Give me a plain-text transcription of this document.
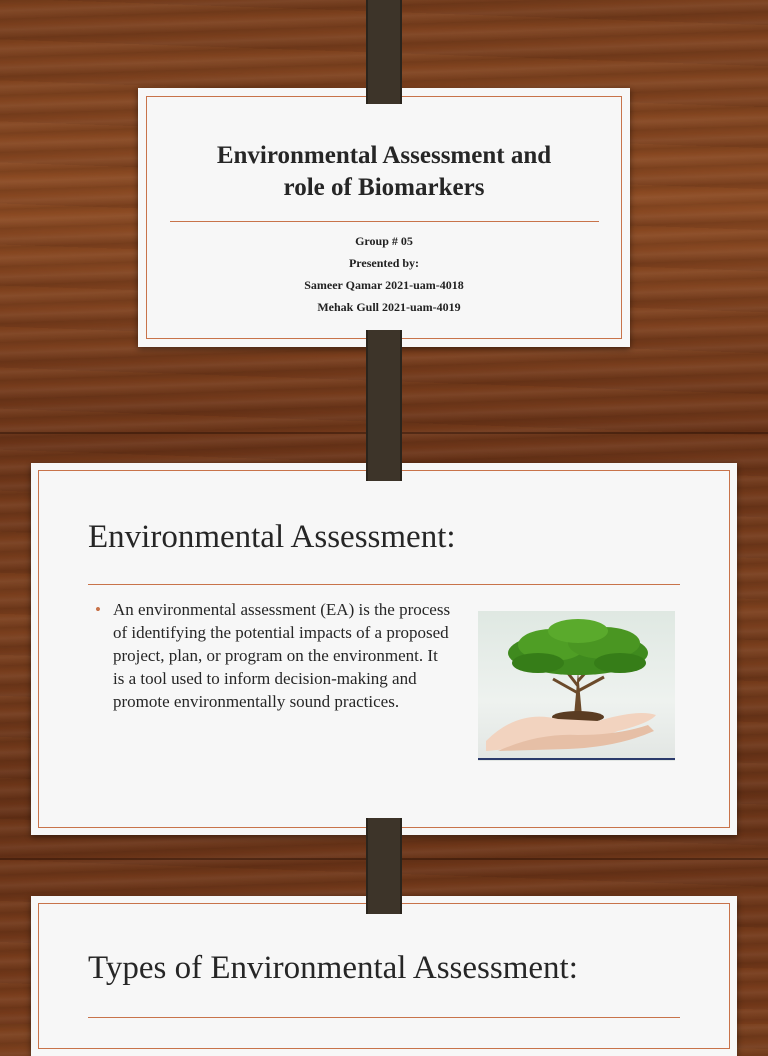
Environmental Assessment and role of Biomarkers
Group # 05
Presented by:
Sameer Qamar 2021-uam-4018
Mehak Gull 2021-uam-4019
Environmental Assessment:
• An environmental assessment (EA) is the process of identifying the potential impacts of a proposed project, plan, or program on the environment. It is a tool used to inform decision-making and promote environmentally sound practices.
Types of Environmental Assessment:
